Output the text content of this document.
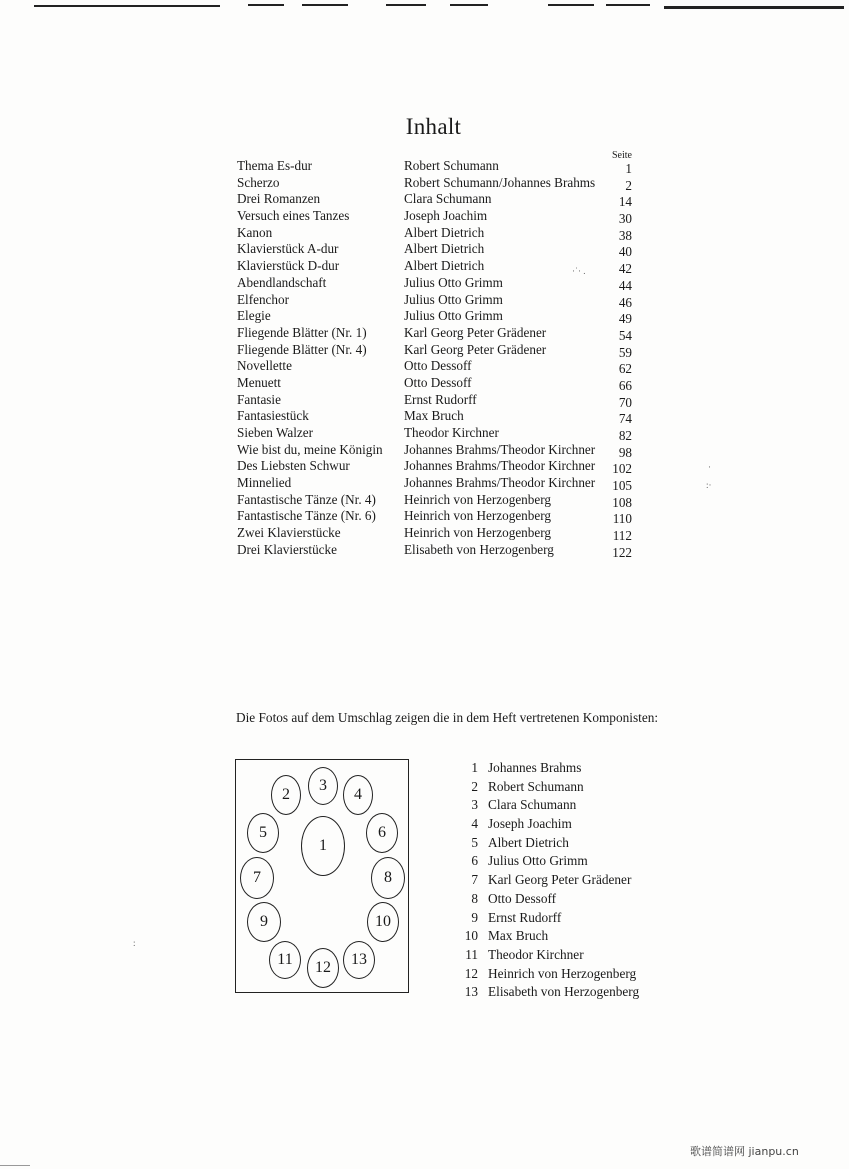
Inhalt
Seite
Thema Es-dur	Robert Schumann	1
Scherzo	Robert Schumann/Johannes Brahms 2
Drei Romanzen	Clara Schumann	14
Versuch eines Tanzes	Joseph Joachim	30
Kanon	Albert Dietrich	38
Klavierstück A-dur	Albert Dietrich	40
Klavierstück D-dur	Albert Dietrich	42
Abendlandschaft	Julius Otto Grimm	44
Elfenchor	Julius Otto Grimm	46
Elegie	Julius Otto Grimm	49
Fliegende Blätter (Nr. 1)	Karl Georg Peter Grädener	54
Fliegende Blätter (Nr. 4)	Karl Georg Peter Grädener	59
Novellette	Otto Dessoff	62
Menuett	Otto Dessoff	66
Fantasie	Ernst Rudorff	70
Fantasiestück	Max Bruch	74
Sieben Walzer	Theodor Kirchner	82
Wie bist du, meine Königin Johannes Brahms/Theodor Kirchner 98
Des Liebsten Schwur	Johannes Brahms/Theodor Kirchner 102
Minnelied	Johannes Brahms/Theodor Kirchner 105
Fantastische Tänze (Nr. 4) Heinrich von Herzogenberg	108
Fantastische Tänze (Nr. 6) Heinrich von Herzogenberg	110
Zwei Klavierstücke	Heinrich von Herzogenberg	112
Drei Klavierstücke	Elisabeth von Herzogenberg	122
Die Fotos auf dem Umschlag zeigen die in dem Heft vertretenen Komponisten:
1
2
3
4
5	6
7	8
9	10
11	12	13
1 Johannes Brahms
2 Robert Schumann
3 Clara Schumann
4 Joseph Joachim
5 Albert Dietrich
6 Julius Otto Grimm
7 Karl Georg Peter Grädener
8 Otto Dessoff
9 Ernst Rudorff
10 Max Bruch
11 Theodor Kirchner
12 Heinrich von Herzogenberg
13 Elisabeth von Herzogenberg
·˙· .
·
:·
:
歌谱简谱网 jianpu.cn
